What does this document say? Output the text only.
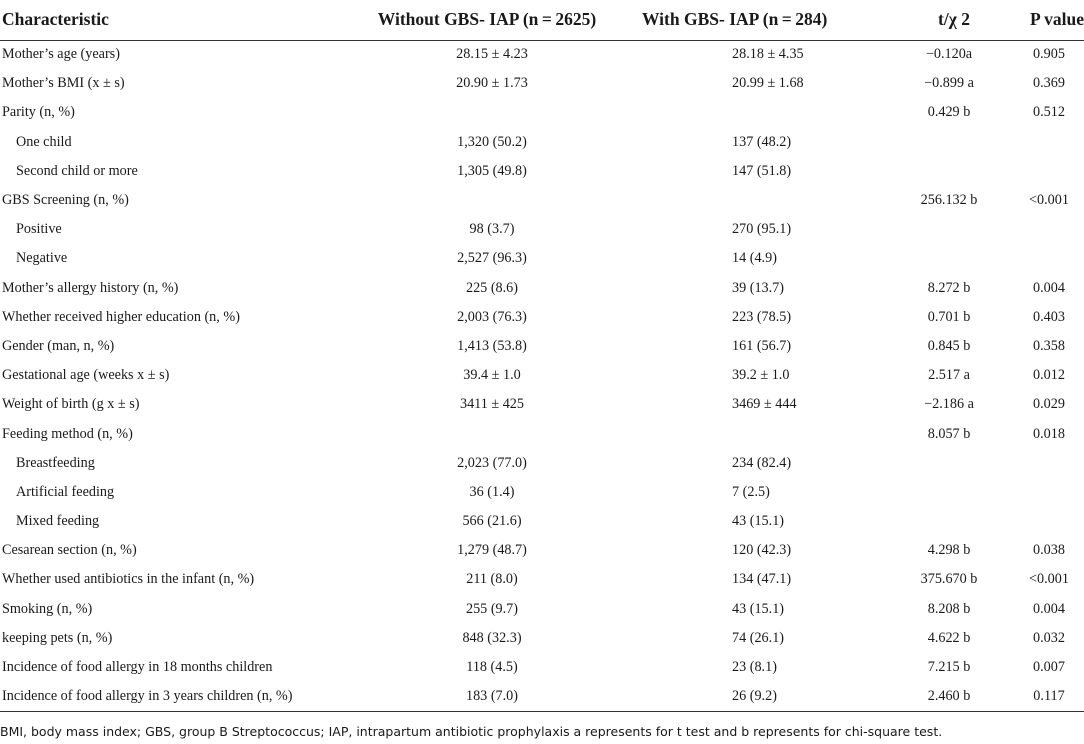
Characteristic	Without GBS- IAP (n = 2625)	With GBS- IAP (n = 284)	t/χ 2	P value
Mother’s age (years)	28.15 ± 4.23	28.18 ± 4.35	−0.120a	0.905
Mother’s BMI (x ± s)	20.90 ± 1.73	20.99 ± 1.68	−0.899 a	0.369
Parity (n, %)			0.429 b	0.512
One child	1,320 (50.2)	137 (48.2)		
Second child or more	1,305 (49.8)	147 (51.8)		
GBS Screening (n, %)			256.132 b	<0.001
Positive	98 (3.7)	270 (95.1)		
Negative	2,527 (96.3)	14 (4.9)		
Mother’s allergy history (n, %)	225 (8.6)	39 (13.7)	8.272 b	0.004
Whether received higher education (n, %)	2,003 (76.3)	223 (78.5)	0.701 b	0.403
Gender (man, n, %)	1,413 (53.8)	161 (56.7)	0.845 b	0.358
Gestational age (weeks x ± s)	39.4 ± 1.0	39.2 ± 1.0	2.517 a	0.012
Weight of birth (g x ± s)	3411 ± 425	3469 ± 444	−2.186 a	0.029
Feeding method (n, %)			8.057 b	0.018
Breastfeeding	2,023 (77.0)	234 (82.4)		
Artificial feeding	36 (1.4)	7 (2.5)		
Mixed feeding	566 (21.6)	43 (15.1)		
Cesarean section (n, %)	1,279 (48.7)	120 (42.3)	4.298 b	0.038
Whether used antibiotics in the infant (n, %)	211 (8.0)	134 (47.1)	375.670 b	<0.001
Smoking (n, %)	255 (9.7)	43 (15.1)	8.208 b	0.004
keeping pets (n, %)	848 (32.3)	74 (26.1)	4.622 b	0.032
Incidence of food allergy in 18 months children	118 (4.5)	23 (8.1)	7.215 b	0.007
Incidence of food allergy in 3 years children (n, %)	183 (7.0)	26 (9.2)	2.460 b	0.117
BMI, body mass index; GBS, group B Streptococcus; IAP, intrapartum antibiotic prophylaxis a represents for t test and b represents for chi-square test.
